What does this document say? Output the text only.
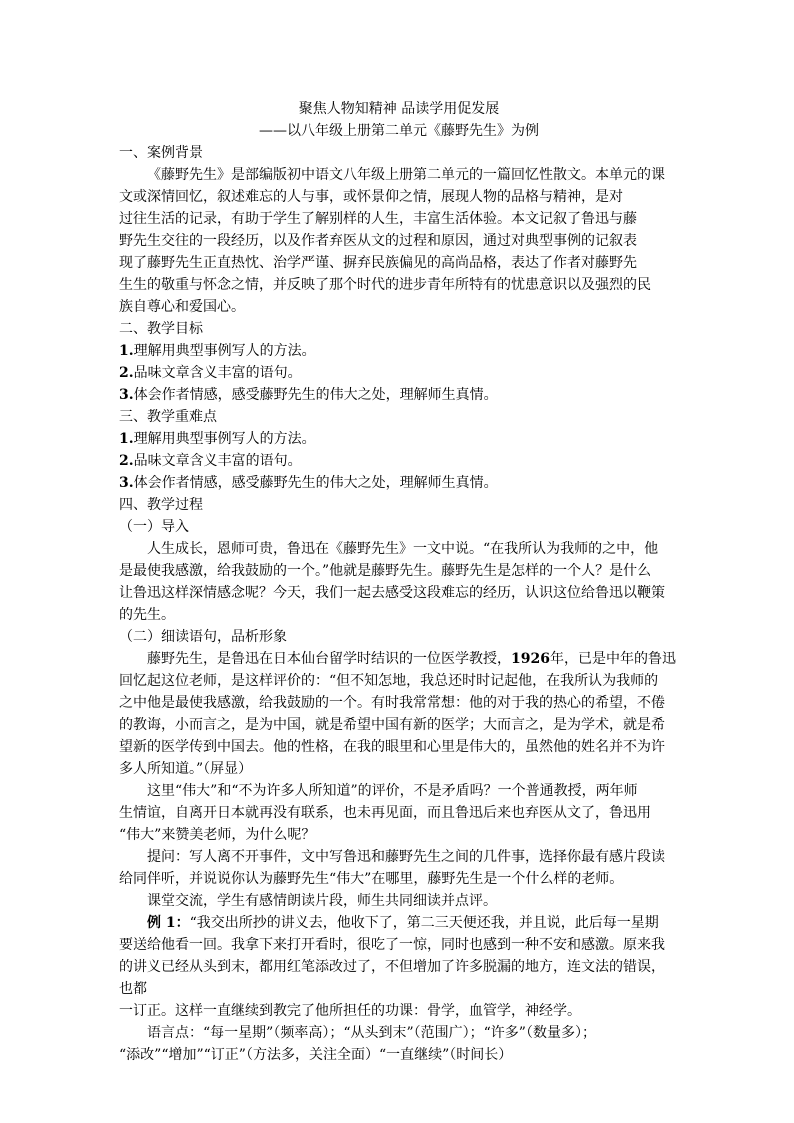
聚焦人物知精神 品读学用促发展

——以八年级上册第二单元《藤野先生》为例

一、案例背景

《藤野先生》是部编版初中语文八年级上册第二单元的一篇回忆性散文。本单元的课

文或深情回忆，叙述难忘的人与事，或怀景仰之情，展现人物的品格与精神，是对

过往生活的记录，有助于学生了解别样的人生，丰富生活体验。本文记叙了鲁迅与藤

野先生交往的一段经历，以及作者弃医从文的过程和原因，通过对典型事例的记叙表

现了藤野先生正直热忱、治学严谨、摒弃民族偏见的高尚品格，表达了作者对藤野先

生生的敬重与怀念之情，并反映了那个时代的进步青年所特有的忧患意识以及强烈的民

族自尊心和爱国心。

二、教学目标

1.理解用典型事例写人的方法。

2.品味文章含义丰富的语句。

3.体会作者情感，感受藤野先生的伟大之处，理解师生真情。

三、教学重难点

1.理解用典型事例写人的方法。

2.品味文章含义丰富的语句。

3.体会作者情感，感受藤野先生的伟大之处，理解师生真情。

四、教学过程

（一）导入

人生成长，恩师可贵，鲁迅在《藤野先生》一文中说。“在我所认为我师的之中，他

是最使我感激，给我鼓励的一个。”他就是藤野先生。藤野先生是怎样的一个人？是什么

让鲁迅这样深情感念呢？今天，我们一起去感受这段难忘的经历，认识这位给鲁迅以鞭策

的先生。

（二）细读语句，品析形象

藤野先生，是鲁迅在日本仙台留学时结识的一位医学教授，1926年，已是中年的鲁迅

回忆起这位老师，是这样评价的：“但不知怎地，我总还时时记起他，在我所认为我师的

之中他是最使我感激，给我鼓励的一个。有时我常常想：他的对于我的热心的希望，不倦

的教诲，小而言之，是为中国，就是希望中国有新的医学；大而言之，是为学术，就是希

望新的医学传到中国去。他的性格，在我的眼里和心里是伟大的，虽然他的姓名并不为许

多人所知道。”（屏显）

这里“伟大”和“不为许多人所知道”的评价，不是矛盾吗？一个普通教授，两年师

生情谊，自离开日本就再没有联系，也未再见面，而且鲁迅后来也弃医从文了，鲁迅用

“伟大”来赞美老师，为什么呢？

提问：写人离不开事件，文中写鲁迅和藤野先生之间的几件事，选择你最有感片段读

给同伴听，并说说你认为藤野先生“伟大”在哪里，藤野先生是一个什么样的老师。

课堂交流，学生有感情朗读片段，师生共同细读并点评。

例 1：“我交出所抄的讲义去，他收下了，第二三天便还我，并且说，此后每一星期

要送给他看一回。我拿下来打开看时，很吃了一惊，同时也感到一种不安和感激。原来我

的讲义已经从头到末，都用红笔添改过了，不但增加了许多脱漏的地方，连文法的错误，

也都

一订正。这样一直继续到教完了他所担任的功课：骨学，血管学，神经学。

语言点：“每一星期”（频率高）；“从头到末”（范围广）；“许多”（数量多）；

“添改”“增加”“订正”（方法多，关注全面）“一直继续”（时间长）
